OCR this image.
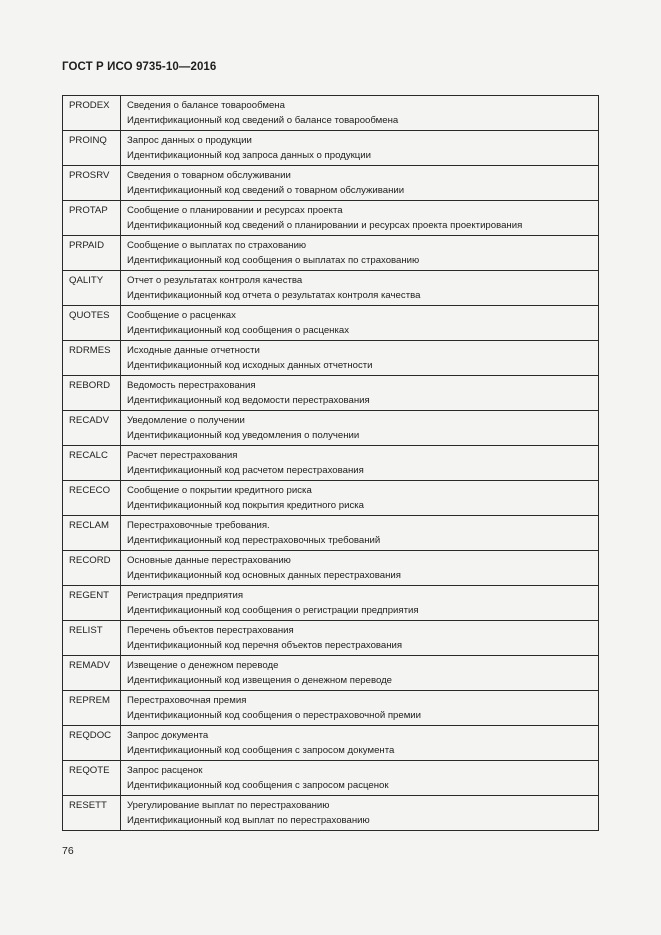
ГОСТ Р ИСО 9735-10—2016
PRODEX	Сведения о балансе товарообмена
Идентификационный код сведений о балансе товарообмена

PROINQ	Запрос данных о продукции
Идентификационный код запроса данных о продукции

PROSRV	Сведения о товарном обслуживании
Идентификационный код сведений о товарном обслуживании

PROTAP	Сообщение о планировании и ресурсах проекта
Идентификационный код сведений о планировании и ресурсах проекта проектирования

PRPAID	Сообщение о выплатах по страхованию
Идентификационный код сообщения о выплатах по страхованию

QALITY	Отчет о результатах контроля качества
Идентификационный код отчета о результатах контроля качества

QUOTES	Сообщение о расценках
Идентификационный код сообщения о расценках

RDRMES	Исходные данные отчетности
Идентификационный код исходных данных отчетности

REBORD	Ведомость перестрахования
Идентификационный код ведомости перестрахования

RECADV	Уведомление о получении
Идентификационный код уведомления о получении

RECALC	Расчет перестрахования
Идентификационный код расчетом перестрахования

RECECO	Сообщение о покрытии кредитного риска
Идентификационный код покрытия кредитного риска

RECLAM	Перестраховочные требования.
Идентификационный код перестраховочных требований

RECORD	Основные данные перестрахованию
Идентификационный код основных данных перестрахования

REGENT	Регистрация предприятия
Идентификационный код сообщения о регистрации предприятия

RELIST	Перечень объектов перестрахования
Идентификационный код перечня объектов перестрахования

REMADV	Извещение о денежном переводе
Идентификационный код извещения о денежном переводе

REPREM	Перестраховочная премия
Идентификационный код сообщения о перестраховочной премии

REQDOC	Запрос документа
Идентификационный код сообщения с запросом документа

REQOTE	Запрос расценок
Идентификационный код сообщения с запросом расценок

RESETT	Урегулирование выплат по перестрахованию
Идентификационный код выплат по перестрахованию
76
